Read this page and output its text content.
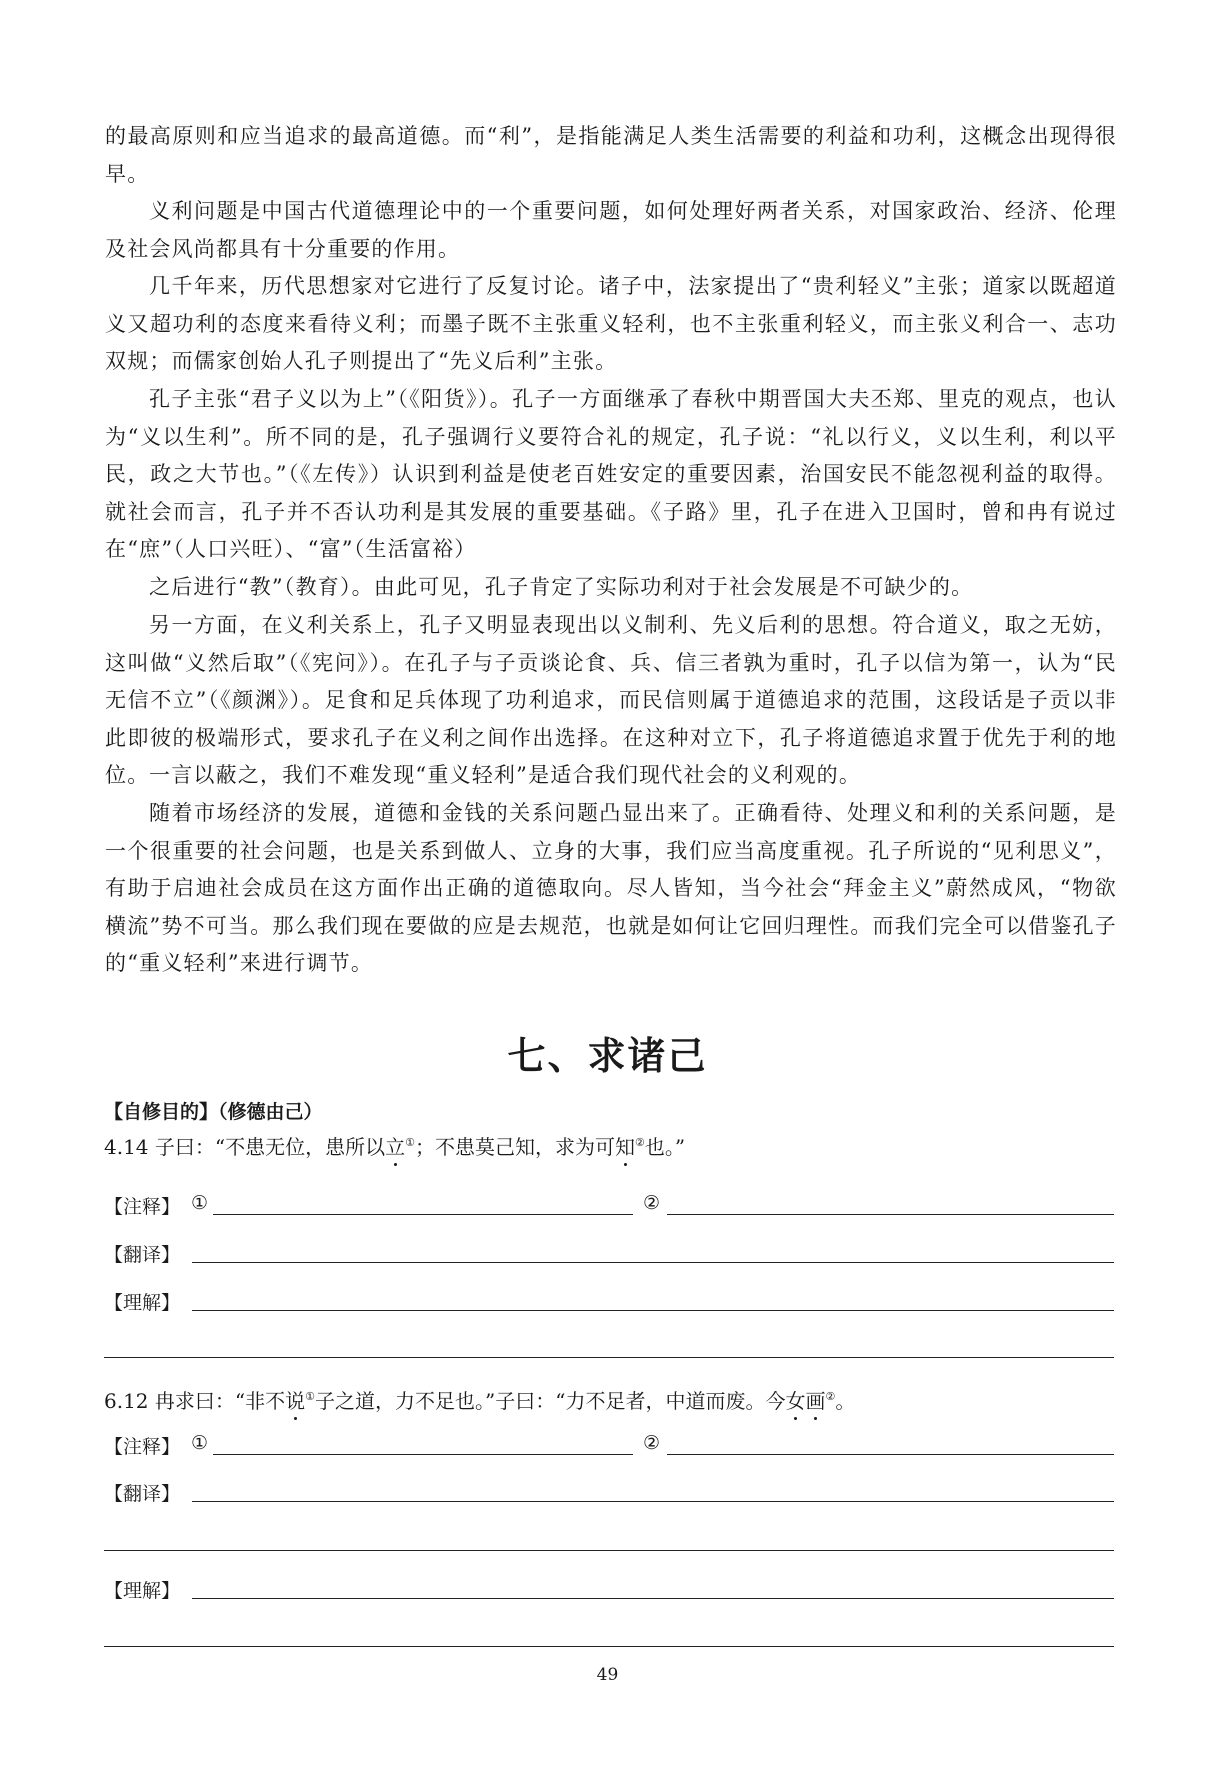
的最高原则和应当追求的最高道德。而“利”，是指能满足人类生活需要的利益和功利，这概念出现得很早。

义利问题是中国古代道德理论中的一个重要问题，如何处理好两者关系，对国家政治、经济、伦理及社会风尚都具有十分重要的作用。

几千年来，历代思想家对它进行了反复讨论。诸子中，法家提出了“贵利轻义”主张；道家以既超道义又超功利的态度来看待义利；而墨子既不主张重义轻利，也不主张重利轻义，而主张义利合一、志功双规；而儒家创始人孔子则提出了“先义后利”主张。

孔子主张“君子义以为上”（《阳货》）。孔子一方面继承了春秋中期晋国大夫丕郑、里克的观点，也认为“义以生利”。所不同的是，孔子强调行义要符合礼的规定，孔子说：“礼以行义，义以生利，利以平民，政之大节也。”（《左传》）认识到利益是使老百姓安定的重要因素，治国安民不能忽视利益的取得。就社会而言，孔子并不否认功利是其发展的重要基础。《子路》里，孔子在进入卫国时，曾和冉有说过在“庶”（人口兴旺）、“富”（生活富裕）

之后进行“教”（教育）。由此可见，孔子肯定了实际功利对于社会发展是不可缺少的。

另一方面，在义利关系上，孔子又明显表现出以义制利、先义后利的思想。符合道义，取之无妨，这叫做“义然后取”（《宪问》）。在孔子与子贡谈论食、兵、信三者孰为重时，孔子以信为第一，认为“民无信不立”（《颜渊》）。足食和足兵体现了功利追求，而民信则属于道德追求的范围，这段话是子贡以非此即彼的极端形式，要求孔子在义利之间作出选择。在这种对立下，孔子将道德追求置于优先于利的地位。 一言以蔽之，我们不难发现“重义轻利”是适合我们现代社会的义利观的。

随着市场经济的发展，道德和金钱的关系问题凸显出来了。正确看待、处理义和利的关系问题，是一个很重要的社会问题，也是关系到做人、立身的大事，我们应当高度重视。孔子所说的“见利思义”，有助于启迪社会成员在这方面作出正确的道德取向。尽人皆知，当今社会“拜金主义”蔚然成风，“物欲横流”势不可当。那么我们现在要做的应是去规范，也就是如何让它回归理性。而我们完全可以借鉴孔子的“重义轻利”来进行调节。

七、求诸己
【自修目的】（修德由己）
4.14 子曰：“不患无位，患所以立①；不患莫己知，求为可知②也。”
【注释】 ①	②
【翻译】
【理解】
6.12 冉求曰：“非不说①子之道，力不足也。”子曰：“力不足者，中道而废。今女画②。
【注释】 ①	②
【翻译】
【理解】
49
